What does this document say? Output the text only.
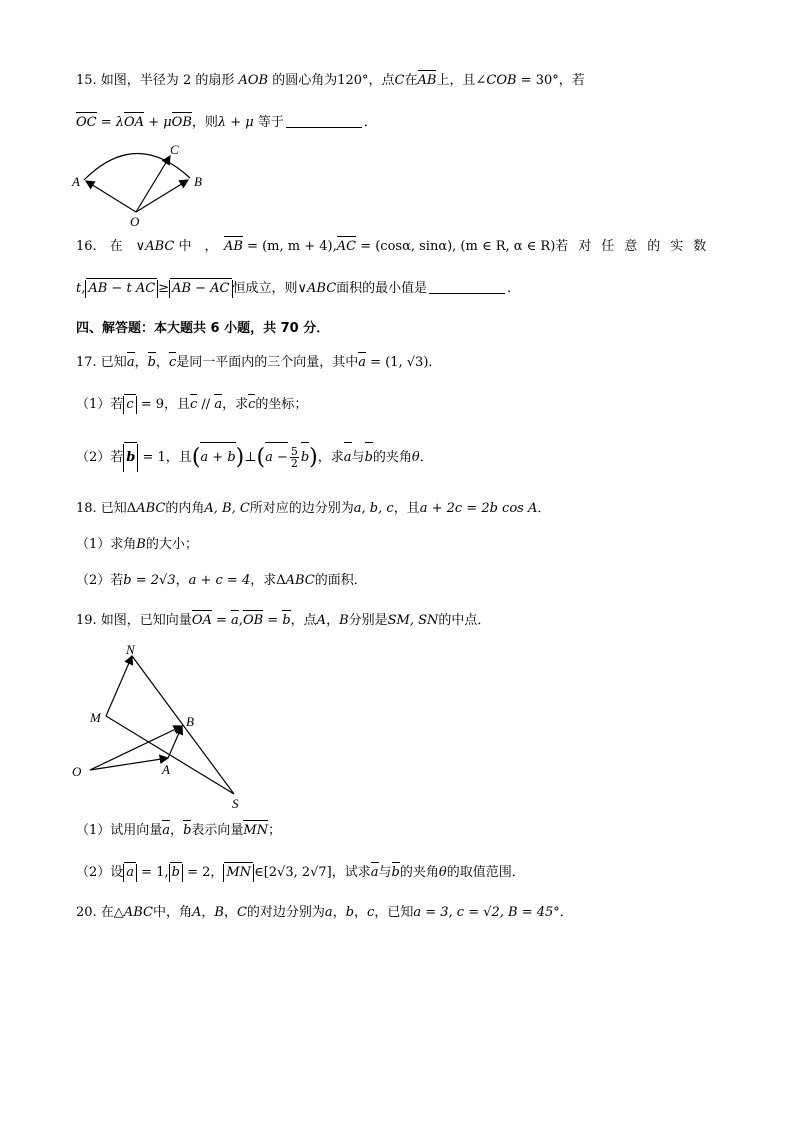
15. 如图，半径为 2 的扇形 AOB 的圆心角为120°，点C在AB上，且∠COB = 30°，若
OC = λOA + μOB，则λ + μ 等于	．
A	B
C
O
16.　在　∨ABC 中　，　AB = (m, m + 4),AC = (cosα, sinα), (m ∈ R, α ∈ R)若对任意的实数
t, AB − t AC ≥ AB − AC 恒成立，则∨ABC面积的最小值是	．
四、解答题：本大题共 6 小题，共 70 分．
17. 已知a，b，c是同一平面内的三个向量，其中a = (1, √3)．
（1）若 c = 9，且c // a，求c的坐标；
（2）若 b = 1，且(a + b)⊥(a − $\frac{5}{2} b$)，求a与b的夹角θ．
18. 已知ΔABC的内角A, B, C所对应的边分别为a, b, c，且a + 2c = 2b cos A．
（1）求角B的大小；
（2）若b = 2√3，a + c = 4，求ΔABC的面积．
19. 如图，已知向量OA = a,OB = b，点A，B分别是SM, SN的中点．
N
M	B
O	A
S
（1）试用向量a，b表示向量MN；
（2）设 a = 1, b = 2， MN ∈[2√3, 2√7]，试求a与b的夹角θ的取值范围．
20. 在△ABC中，角A，B，C的对边分别为a，b，c，已知a = 3, c = √2, B = 45°．
